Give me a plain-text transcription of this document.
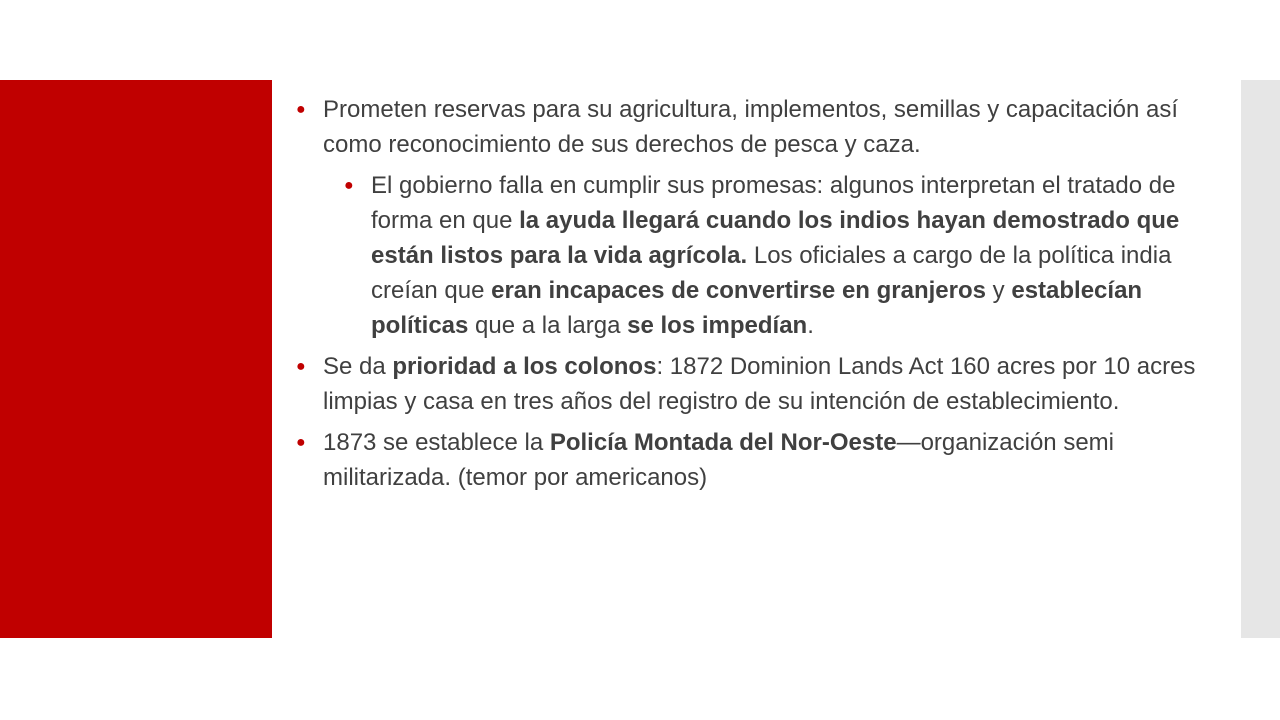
● Prometen reservas para su agricultura, implementos, semillas y capacitación así como reconocimiento de sus derechos de pesca y caza.
● El gobierno falla en cumplir sus promesas: algunos interpretan el tratado de forma en que la ayuda llegará cuando los indios hayan demostrado que están listos para la vida agrícola. Los oficiales a cargo de la política india creían que eran incapaces de convertirse en granjeros y establecían políticas que a la larga se los impedían.
● Se da prioridad a los colonos: 1872 Dominion Lands Act 160 acres por 10 acres limpias y casa en tres años del registro de su intención de establecimiento.
● 1873 se establece la Policía Montada del Nor-Oeste—organización semi militarizada. (temor por americanos)
